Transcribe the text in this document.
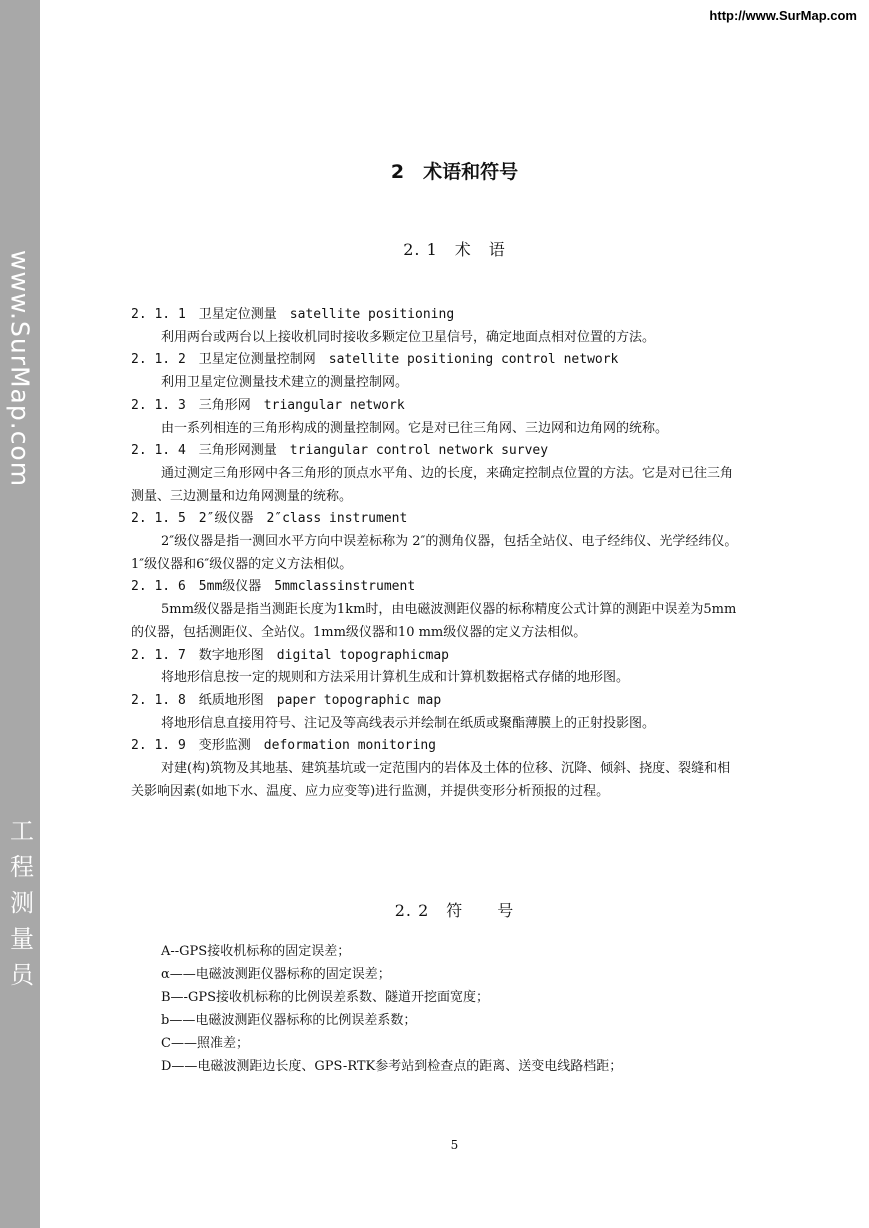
www.SurMap.com
工程测量员
http://www.SurMap.com
2　术语和符号
2. 1　术　语
2. 1. 1　卫星定位测量　satellite positioning
利用两台或两台以上接收机同时接收多颗定位卫星信号，确定地面点相对位置的方法。
2. 1. 2　卫星定位测量控制网　satellite positioning control network
利用卫星定位测量技术建立的测量控制网。
2. 1. 3　三角形网　triangular network
由一系列相连的三角形构成的测量控制网。它是对已往三角网、三边网和边角网的统称。
2. 1. 4　三角形网测量　triangular control network survey
通过测定三角形网中各三角形的顶点水平角、边的长度，来确定控制点位置的方法。它是对已往三角测量、三边测量和边角网测量的统称。
2. 1. 5　2″级仪器　2″class instrument
2″级仪器是指一测回水平方向中误差标称为 2″的测角仪器，包括全站仪、电子经纬仪、光学经纬仪。1″级仪器和6″级仪器的定义方法相似。
2. 1. 6　5mm级仪器　5mmclassinstrument
5mm级仪器是指当测距长度为1km时，由电磁波测距仪器的标称精度公式计算的测距中误差为5mm的仪器，包括测距仪、全站仪。1mm级仪器和10 mm级仪器的定义方法相似。
2. 1. 7　数字地形图　digital topographicmap
将地形信息按一定的规则和方法采用计算机生成和计算机数据格式存储的地形图。
2. 1. 8　纸质地形图　paper topographic map
将地形信息直接用符号、注记及等高线表示并绘制在纸质或聚酯薄膜上的正射投影图。
2. 1. 9　变形监测　deformation monitoring
对建(构)筑物及其地基、建筑基坑或一定范围内的岩体及土体的位移、沉降、倾斜、挠度、裂缝和相关影响因素(如地下水、温度、应力应变等)进行监测，并提供变形分析预报的过程。
2. 2　符　　号
A--GPS接收机标称的固定误差；
α——电磁波测距仪器标称的固定误差；
B—-GPS接收机标称的比例误差系数、隧道开挖面宽度；
b——电磁波测距仪器标称的比例误差系数；
C——照准差；
D——电磁波测距边长度、GPS-RTK参考站到检查点的距离、送变电线路档距；
5
